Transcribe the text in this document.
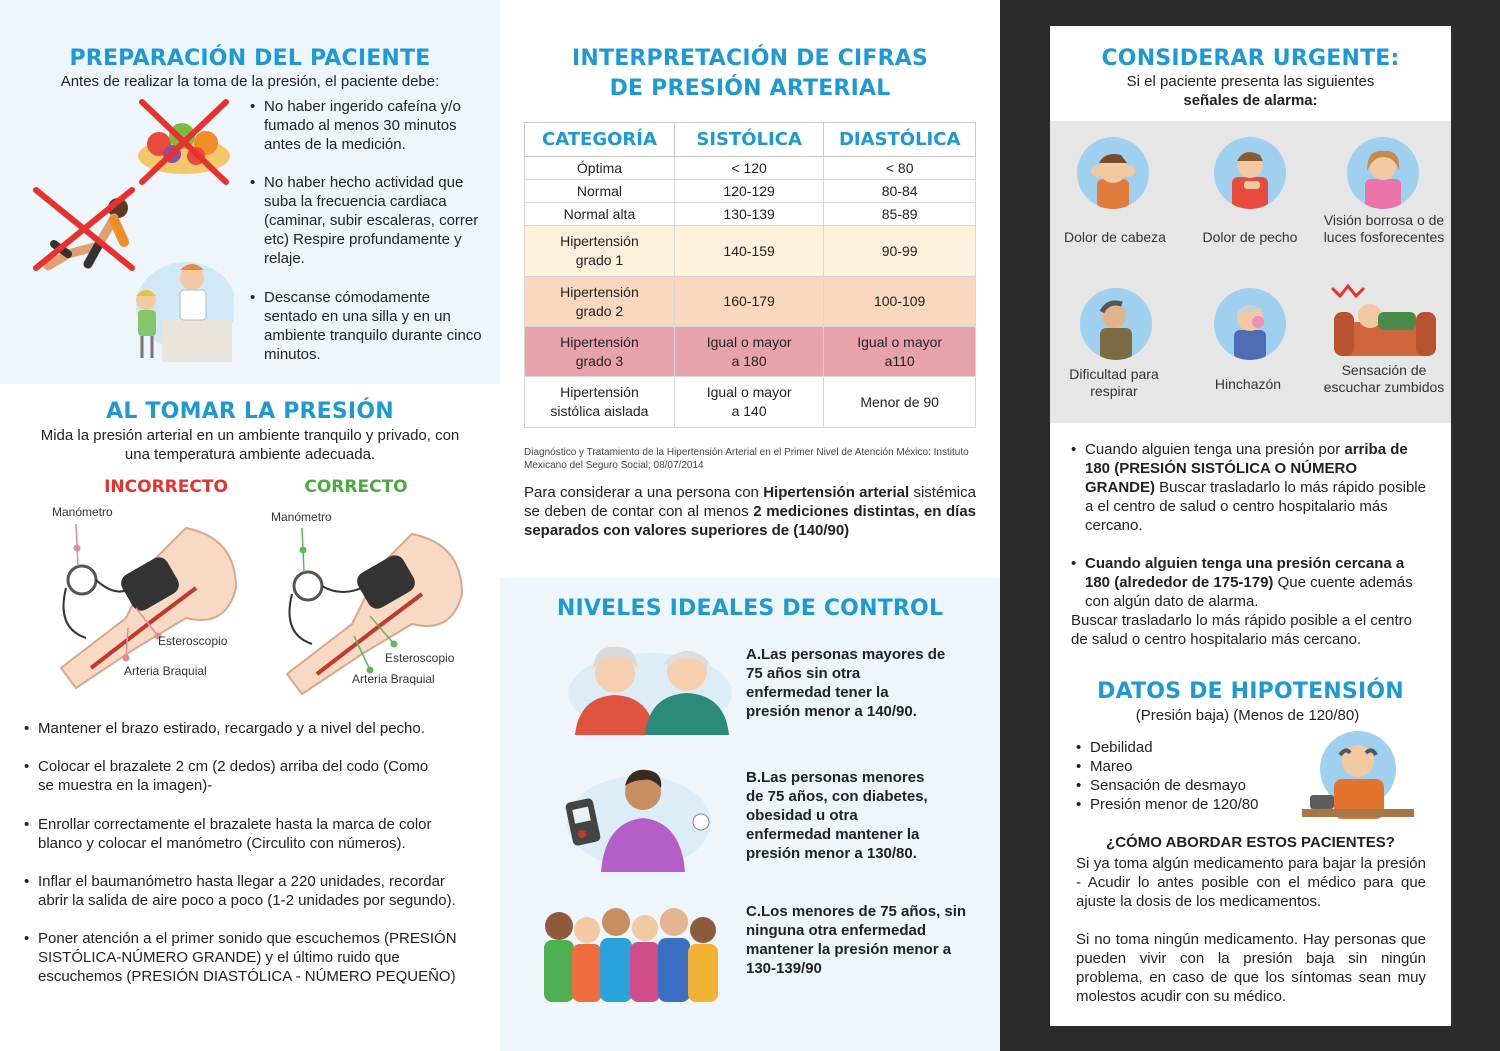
PREPARACIÓN DEL PACIENTE
Antes de realizar la toma de la presión, el paciente debe:
• No haber ingerido cafeína y/o fumado al menos 30 minutos antes de la medición.
• No haber hecho actividad que suba la frecuencia cardiaca (caminar, subir escaleras, correr etc) Respire profundamente y relaje.
• Descanse cómodamente sentado en una silla y en un ambiente tranquilo durante cinco minutos.
AL TOMAR LA PRESIÓN
Mida la presión arterial en un ambiente tranquilo y privado, con una temperatura ambiente adecuada.
INCORRECTO	CORRECTO
Manómetro
Esteroscopio
Arteria Braquial
Manómetro
Esteroscopio
Arteria Braquial
• Mantener el brazo estirado, recargado y a nivel del pecho.
• Colocar el brazalete 2 cm (2 dedos) arriba del codo (Como se muestra en la imagen)-
• Enrollar correctamente el brazalete hasta la marca de color blanco y colocar el manómetro (Circulito con números).
• Inflar el baumanómetro hasta llegar a 220 unidades, recordar abrir la salida de aire poco a poco (1-2 unidades por segundo).
• Poner atención a el primer sonido que escuchemos (PRESIÓN SISTÓLICA-NÚMERO GRANDE) y el último ruido que escuchemos (PRESIÓN DIASTÓLICA - NÚMERO PEQUEÑO)
INTERPRETACIÓN DE CIFRAS
DE PRESIÓN ARTERIAL
CATEGORÍA	SISTÓLICA	DIASTÓLICA
Óptima	< 120	< 80
Normal	120-129	80-84
Normal alta	130-139	85-89
Hipertensión grado 1	140-159	90-99
Hipertensión grado 2	160-179	100-109
Hipertensión grado 3	Igual o mayor a 180	Igual o mayor a110
Hipertensión sistólica aislada	Igual o mayor a 140	Menor de 90
Diagnóstico y Tratamiento de la Hipertensión Arterial en el Primer Nivel de Atención México: Instituto Mexicano del Seguro Social; 08/07/2014
Para considerar a una persona con Hipertensión arterial sistémica se deben de contar con al menos 2 mediciones distintas, en días separados con valores superiores de (140/90)
NIVELES IDEALES DE CONTROL
A.Las personas mayores de 75 años sin otra enfermedad tener la presión menor a 140/90.
B.Las personas menores de 75 años, con diabetes, obesidad u otra enfermedad mantener la presión menor a 130/80.
C.Los menores de 75 años, sin ninguna otra enfermedad mantener la presión menor a 130-139/90
CONSIDERAR URGENTE:
Si el paciente presenta las siguientes
señales de alarma:
Dolor de cabeza	Dolor de pecho
Visión borrosa o de luces fosforecentes
Dificultad para respirar	Hinchazón
Sensación de escuchar zumbidos
• Cuando alguien tenga una presión por arriba de 180 (PRESIÓN SISTÓLICA O NÚMERO GRANDE) Buscar trasladarlo lo más rápido posible a el centro de salud o centro hospitalario más cercano.
• Cuando alguien tenga una presión cercana a 180 (alrededor de 175-179) Que cuente además con algún dato de alarma.
Buscar trasladarlo lo más rápido posible a el centro de salud o centro hospitalario más cercano.
DATOS DE HIPOTENSIÓN
(Presión baja) (Menos de 120/80)
• Debilidad
• Mareo
• Sensación de desmayo
• Presión menor de 120/80
¿CÓMO ABORDAR ESTOS PACIENTES?
Si ya toma algún medicamento para bajar la presión - Acudir lo antes posible con el médico para que ajuste la dosis de los medicamentos.
Si no toma ningún medicamento. Hay personas que pueden vivir con la presión baja sin ningún problema, en caso de que los síntomas sean muy molestos acudir con su médico.
